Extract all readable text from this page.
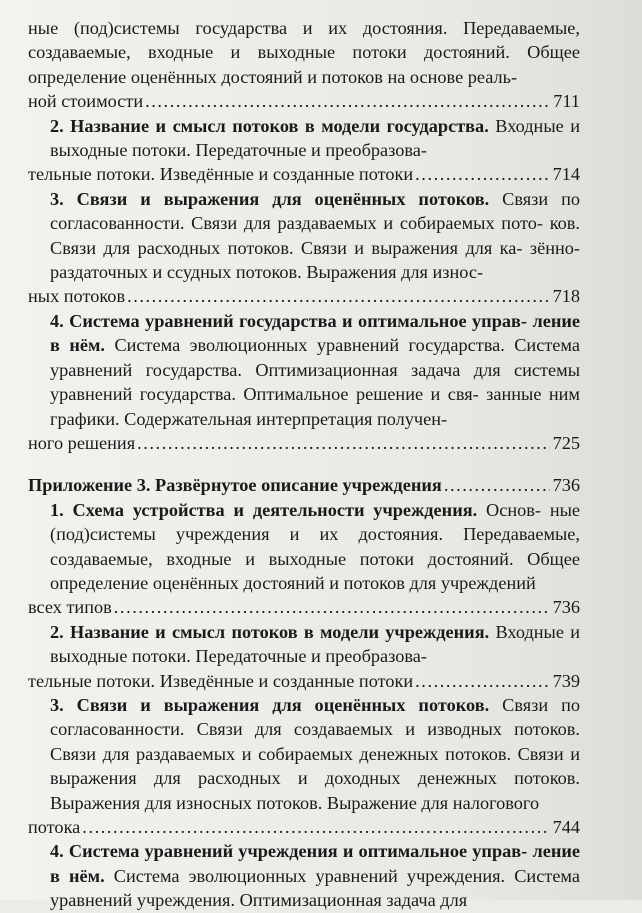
ные (под)системы государства и их достояния. Передаваемые, создаваемые, входные и выходные потоки достояний. Общее определение оценённых достояний и потоков на основе реаль-
ной стоимости . . .	711
2. Название и смысл потоков в модели государства. Входные и выходные потоки. Передаточные и преобразова-
тельные потоки. Изведённые и созданные потоки . . .	714
3. Связи и выражения для оценённых потоков. Связи по согласованности. Связи для раздаваемых и собираемых пото- ков. Связи для расходных потоков. Связи и выражения для ка- зённо-раздаточных и ссудных потоков. Выражения для износ-
ных потоков . . .	718
4. Система уравнений государства и оптимальное управ- ление в нём. Система эволюционных уравнений государства. Система уравнений государства. Оптимизационная задача для системы уравнений государства. Оптимальное решение и свя- занные ним графики. Содержательная интерпретация получен-
ного решения . . .	725
Приложение 3. Развёрнутое описание учреждения . . .	736
1. Схема устройства и деятельности учреждения. Основ- ные (под)системы учреждения и их достояния. Передаваемые, создаваемые, входные и выходные потоки достояний. Общее определение оценённых достояний и потоков для учреждений
всех типов . . .	736
2. Название и смысл потоков в модели учреждения. Входные и выходные потоки. Передаточные и преобразова-
тельные потоки. Изведённые и созданные потоки . . .	739
3. Связи и выражения для оценённых потоков. Связи по согласованности. Связи для создаваемых и изводных потоков. Связи для раздаваемых и собираемых денежных потоков. Связи и выражения для расходных и доходных денежных потоков. Выражения для износных потоков. Выражение для налогового
потока . . .	744
4. Система уравнений учреждения и оптимальное управ- ление в нём. Система эволюционных уравнений учреждения. Система уравнений учреждения. Оптимизационная задача для
